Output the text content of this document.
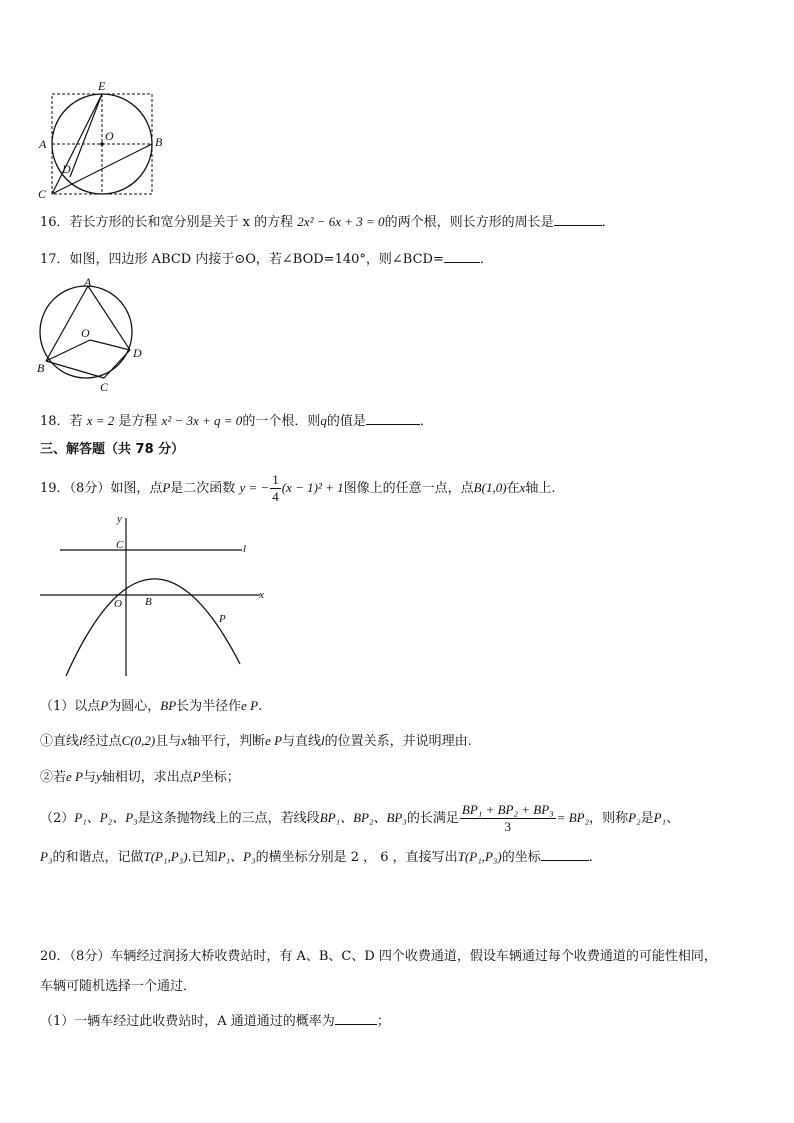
E
A
O	B
D
C
16．若长方形的长和宽分别是关于 x 的方程 2x² − 6x + 3 = 0的两个根，则长方形的周长是	．
17．如图，四边形 ABCD 内接于⊙O，若∠BOD=140°，则∠BCD=	．
A
O
B
D
C
18．若 x = 2 是方程 x² − 3x + q = 0的一个根．则q的值是	．
三、解答题（共 78 分）
19．（8分）如图，点P是二次函数 y = − $\frac{1}{4} (x - 1)^2 + 1$图像上的任意一点，点B(1,0)在x轴上.
y
C	l
x
O B
P
（1）以点P为圆心，BP长为半径作e P.
①直线l经过点C(0,2)且与x轴平行，判断e P与直线l的位置关系，并说明理由.
②若e P与y轴相切，求出点P坐标；
（2）P₁、P₂、P₃是这条抛物线上的三点，若线段BP₁、BP₂、BP₃的长满足 $\frac{\text{BP₁ + BP₂ + BP₃}}{3} = BP_2$，则称P₂是P₁、
P₃的和谐点，记做T(P₁,P₃).已知P₁、P₃的横坐标分别是 2 ， 6 ，直接写出T(P₁,P₃)的坐标	.
20．（8分）车辆经过润扬大桥收费站时，有 A、B、C、D 四个收费通道，假设车辆通过每个收费通道的可能性相同，
车辆可随机选择一个通过．
（1）一辆车经过此收费站时，A 通道通过的概率为	；
